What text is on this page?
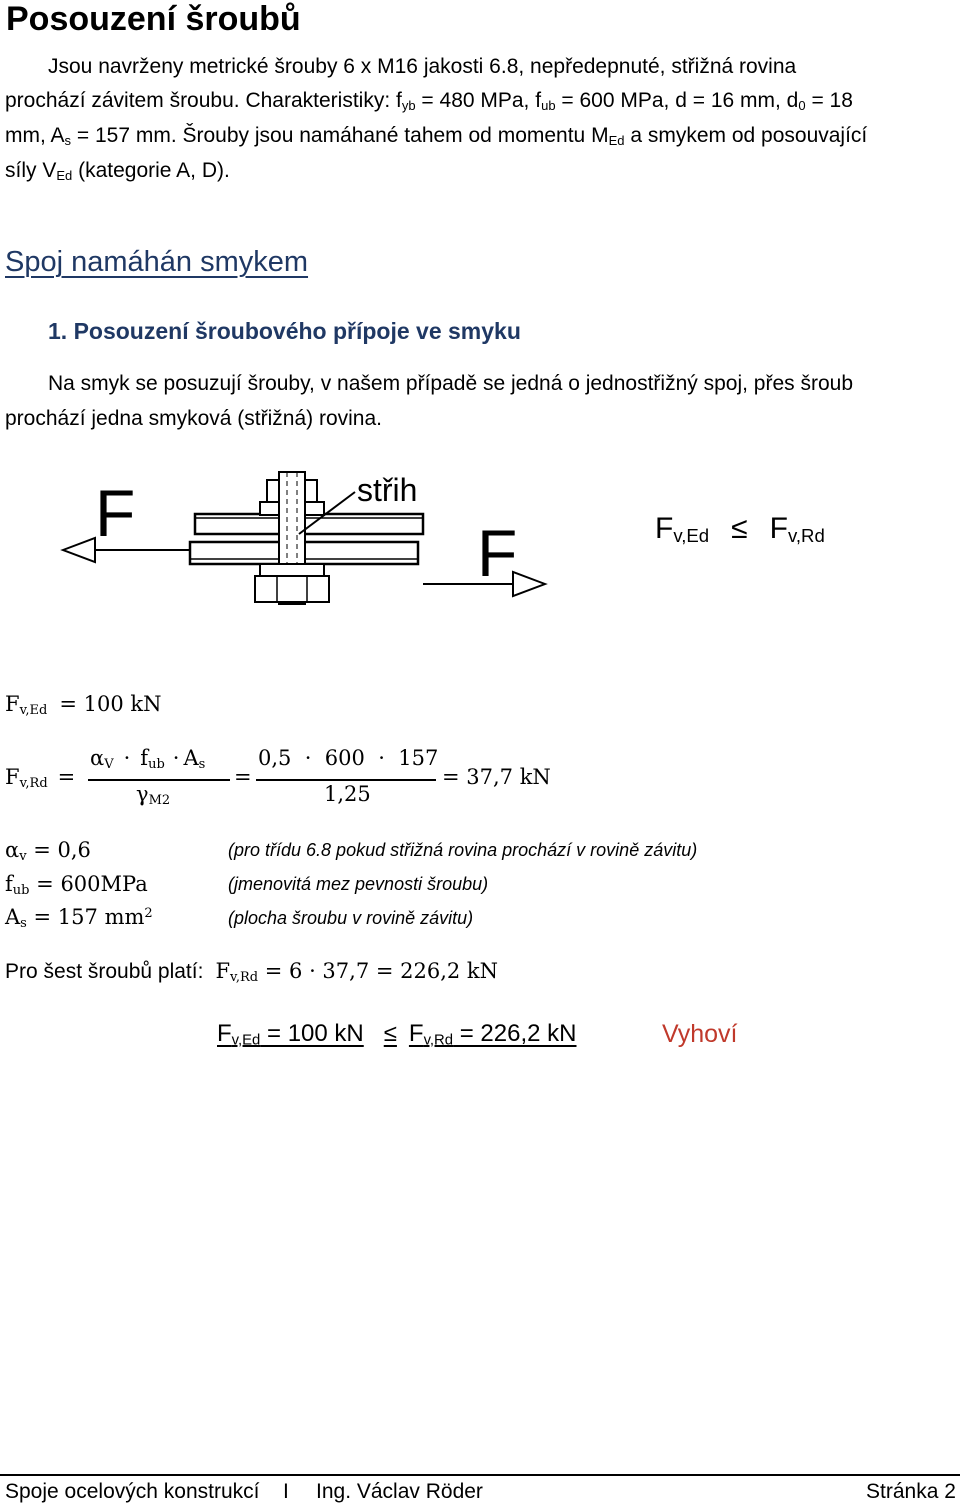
Posouzení šroubů
Jsou navrženy metrické šrouby 6 x M16 jakosti 6.8, nepředepnuté, střižná rovina
prochází závitem šroubu. Charakteristiky: $f_{yb} = 480$ MPa, $f_{ub} = 600$ MPa, d = 16 mm, $d_0 = 18$
mm, $A_s = 157$ mm. Šrouby jsou namáhané tahem od momentu $M_{Ed}$ a smykem od posouvající
síly $V_{Ed}$ (kategorie A, D).
Spoj namáhán smykem
1. Posouzení šroubového přípoje ve smyku
Na smyk se posuzují šrouby, v našem případě se jedná o jednostřižný spoj, přes šroub
prochází jedna smyková (střižná) rovina.
F
F
střih
$F_{v,Ed} \le F_{v,Rd}$
$F_{v,Ed} = 100$ kN
$F_{v,Rd}$ =
$\alpha_V \cdot f_{ub} \cdot A_s$
$\gamma_{M2}$
=
0,5  ·  600  ·  157
1,25
= 37,7 kN
$\alpha_v = 0,6$	(pro třídu 6.8 pokud střižná rovina prochází v rovině závitu)
$f_{ub} = 600MPa$	(jmenovitá mez pevnosti šroubu)
$A_s = 157$ $mm^2$	(plocha šroubu v rovině závitu)
Pro šest šroubů platí: $F_{v,Rd} = 6 \cdot 37,7 = 226,2$ kN
$F_{v,Ed} = 100$ kN ≤ $F_{v,Rd} = 226,2$ kN	Vyhoví
Spoje ocelových konstrukcí I Ing. Václav Röder	Stránka 2
